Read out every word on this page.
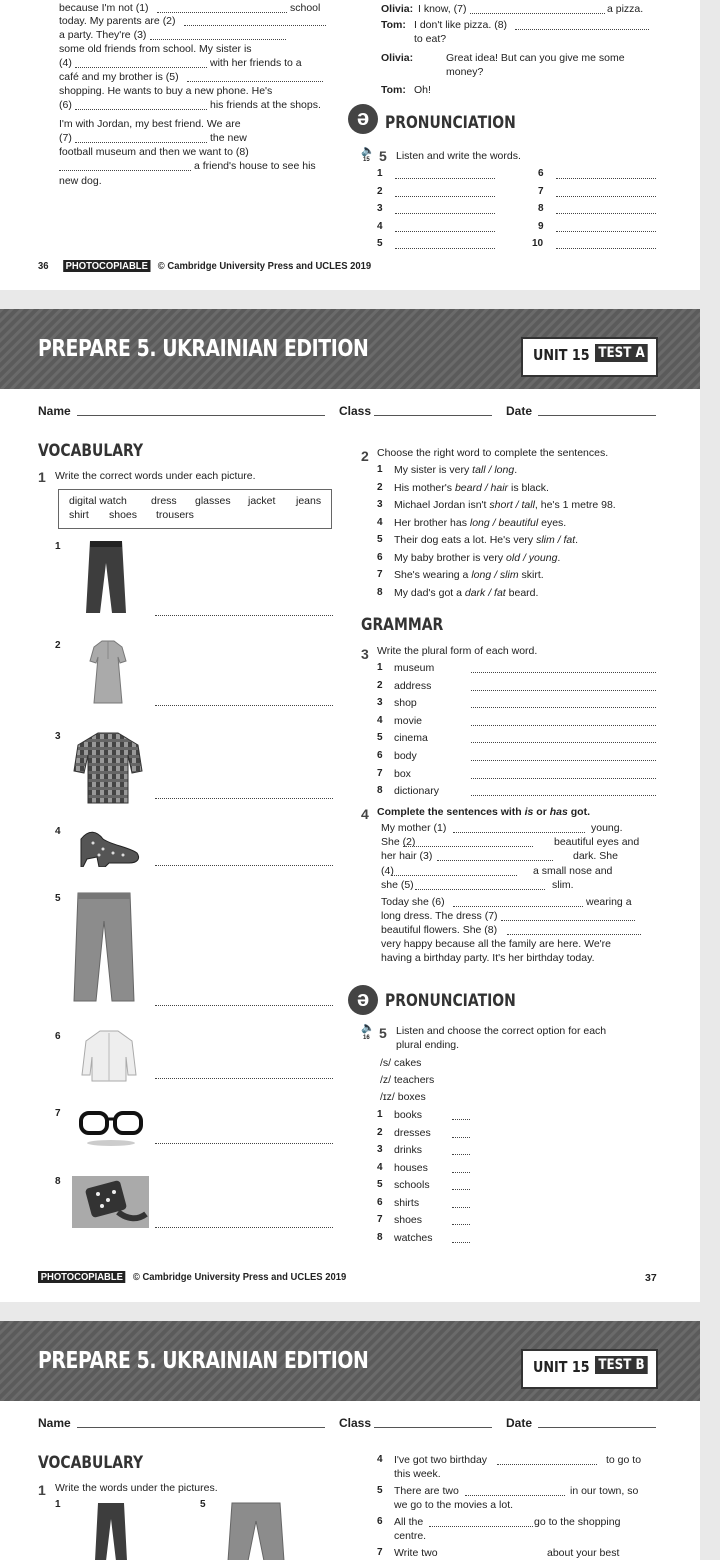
because I'm not (1)	school
today. My parents are (2)
a party. They're (3)
some old friends from school. My sister is
(4)	with her friends to a
café and my brother is (5)
shopping. He wants to buy a new phone. He's
(6)	his friends at the shops.
I'm with Jordan, my best friend. We are
(7)	the new
football museum and then we want to (8)
a friend's house to see his
new dog.
Olivia: I know, (7)	a pizza.
Tom: I don't like pizza. (8)
to eat?
Olivia:	Great idea! But can you give me some
money?
Tom: Oh!
ə PRONUNCIATION
🔈
15 5 Listen and write the words.
1
2
3
4
5
6
7
8
9
10
36 PHOTOCOPIABLE © Cambridge University Press and UCLES 2019
PREPARE 5. UKRAINIAN EDITION	UNIT 15 TEST A
Name	Class	Date
VOCABULARY
1 Write the correct words under each picture.
digital watch dress glasses jacket jeans
shirt shoes trousers
1
2
3
4
5
6
7
8
2 Choose the right word to complete the sentences.
1 My sister is very tall / long.
2 His mother's beard / hair is black.
3 Michael Jordan isn't short / tall, he's 1 metre 98.
4 Her brother has long / beautiful eyes.
5 Their dog eats a lot. He's very slim / fat.
6 My baby brother is very old / young.
7 She's wearing a long / slim skirt.
8 My dad's got a dark / fat beard.
GRAMMAR
3 Write the plural form of each word.
1 museum
2 address
3 shop
4 movie
5 cinema
6 body
7 box
8 dictionary
4 Complete the sentences with is or has got.
My mother (1)	young.
She (2)	beautiful eyes and
her hair (3)	dark. She
(4)	a small nose and
she (5)	slim.
Today she (6)	wearing a
long dress. The dress (7)
beautiful flowers. She (8)
very happy because all the family are here. We're
having a birthday party. It's her birthday today.
ə PRONUNCIATION
🔈
16 5 Listen and choose the correct option for each
plural ending.
/s/ cakes
/z/ teachers
/ɪz/ boxes
1 books
2 dresses
3 drinks
4 houses
5 schools
6 shirts
7 shoes
8 watches
PHOTOCOPIABLE © Cambridge University Press and UCLES 2019	37
PREPARE 5. UKRAINIAN EDITION	UNIT 15 TEST B
Name	Class	Date
VOCABULARY
1 Write the words under the pictures.
1	5
4 I've got two birthday	to go to
this week.
5 There are two	in our town, so
we go to the movies a lot.
6 All the	go to the shopping
centre.
7 Write two	about your best
